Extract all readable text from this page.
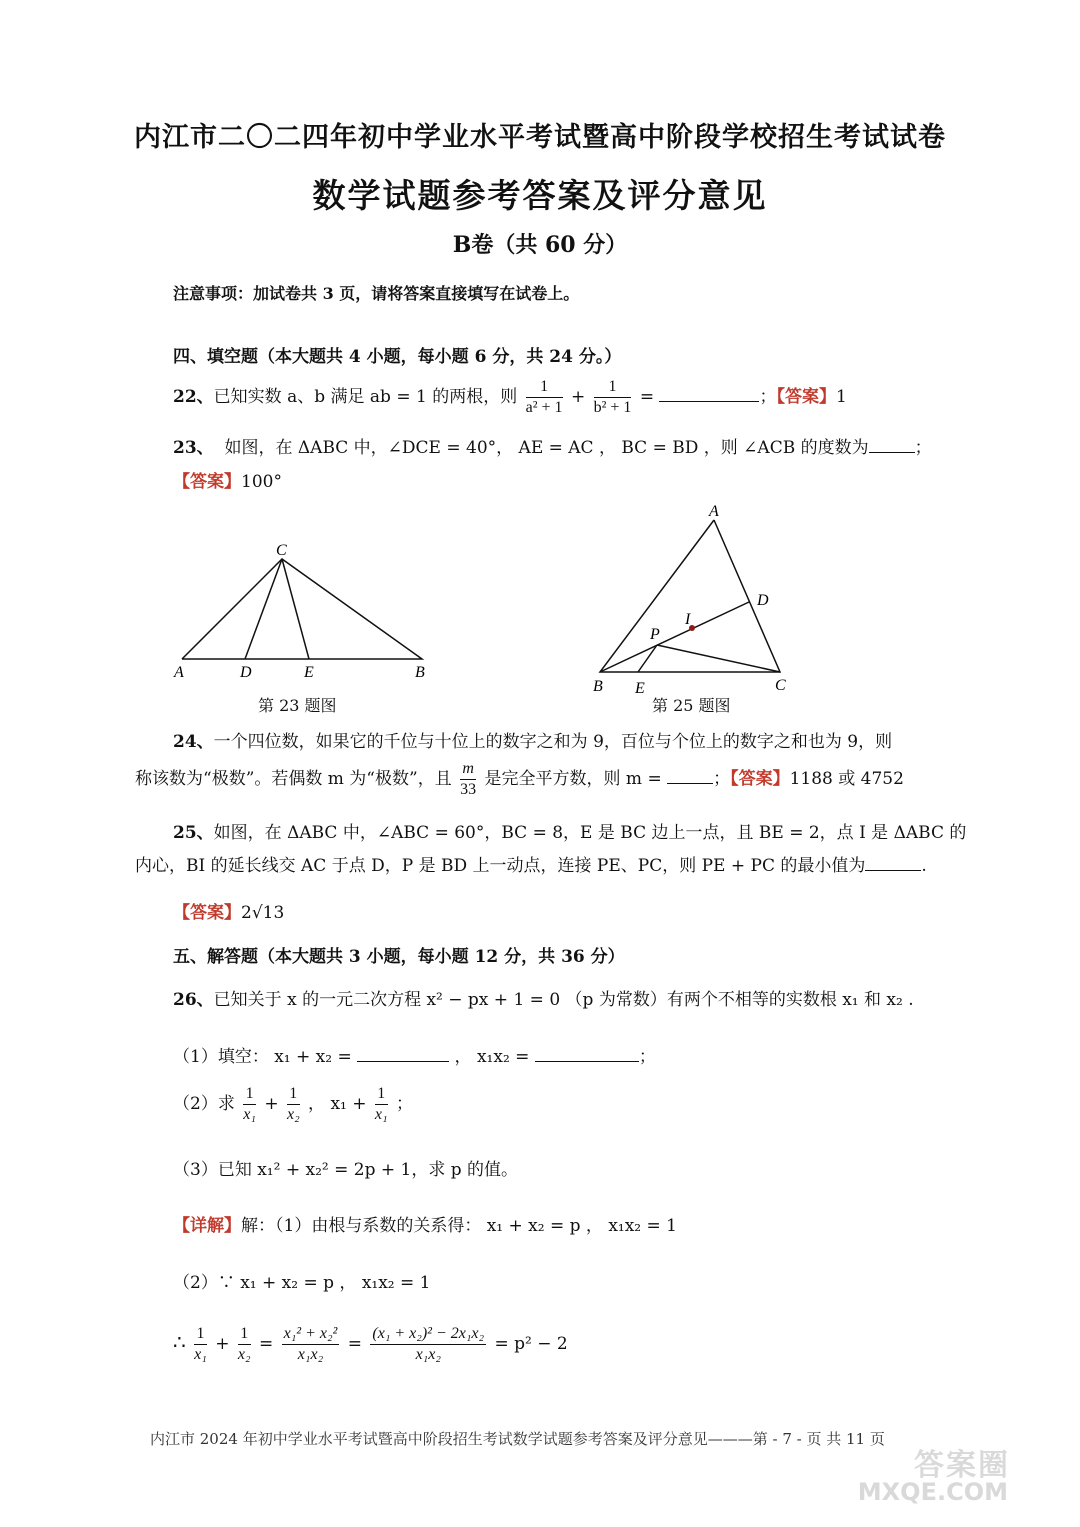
内江市二〇二四年初中学业水平考试暨高中阶段学校招生考试试卷
数学试题参考答案及评分意见
B卷（共 60 分）
注意事项：加试卷共 3 页，请将答案直接填写在试卷上。
四、填空题（本大题共 4 小题，每小题 6 分，共 24 分。）
22、已知实数 a、b 满足 ab = 1 的两根，则 $\frac{1}{\text{a² + 1}} + \frac{1}{\text{b² + 1}}$ =	；【答案】1
23、 如图，在 ΔABC 中，∠DCE = 40°， AE = AC ， BC = BD ，则 ∠ACB 的度数为	；
【答案】100°
C
A	D	E	B
第 23 题图
A
D
I
P
B E	C
第 25 题图
24、一个四位数，如果它的千位与十位上的数字之和为 9，百位与个位上的数字之和也为 9，则
称该数为“极数”。若偶数 m 为“极数”，且 $\frac{m}{33}$ 是完全平方数，则 m =	；【答案】1188 或 4752
25、如图，在 ΔABC 中，∠ABC = 60°，BC = 8，E 是 BC 边上一点，且 BE = 2，点 I 是 ΔABC 的
内心，BI 的延长线交 AC 于点 D，P 是 BD 上一动点，连接 PE、PC，则 PE + PC 的最小值为	.
【答案】2√13
五、解答题（本大题共 3 小题，每小题 12 分，共 36 分）
26、已知关于 x 的一元二次方程 x² − px + 1 = 0 （p 为常数）有两个不相等的实数根 x₁ 和 x₂ .
（1）填空： x₁ + x₂ =	， x₁x₂ =	；
（2）求 $\frac{1}{\text{x₁}} + \frac{1}{\text{x₂}}$ ， $x_1 + \frac{1}{\text{x₁}}$ ；
（3）已知 x₁² + x₂² = 2p + 1，求 p 的值。
【详解】解：（1）由根与系数的关系得： x₁ + x₂ = p ， x₁x₂ = 1
（2）∵ x₁ + x₂ = p ， x₁x₂ = 1
∴ $\frac{1}{\text{x₁}} + \frac{1}{\text{x₂}} = \frac{\text{x₁² + x₂²}}{\text{x₁x₂}} = \frac{\text{(x₁ + x₂)² − 2x₁x₂}}{\text{x₁x₂}} = p^2 - 2$
内江市 2024 年初中学业水平考试暨高中阶段招生考试数学试题参考答案及评分意见———第 - 7 - 页 共 11 页
答案圈
MXQE.COM
